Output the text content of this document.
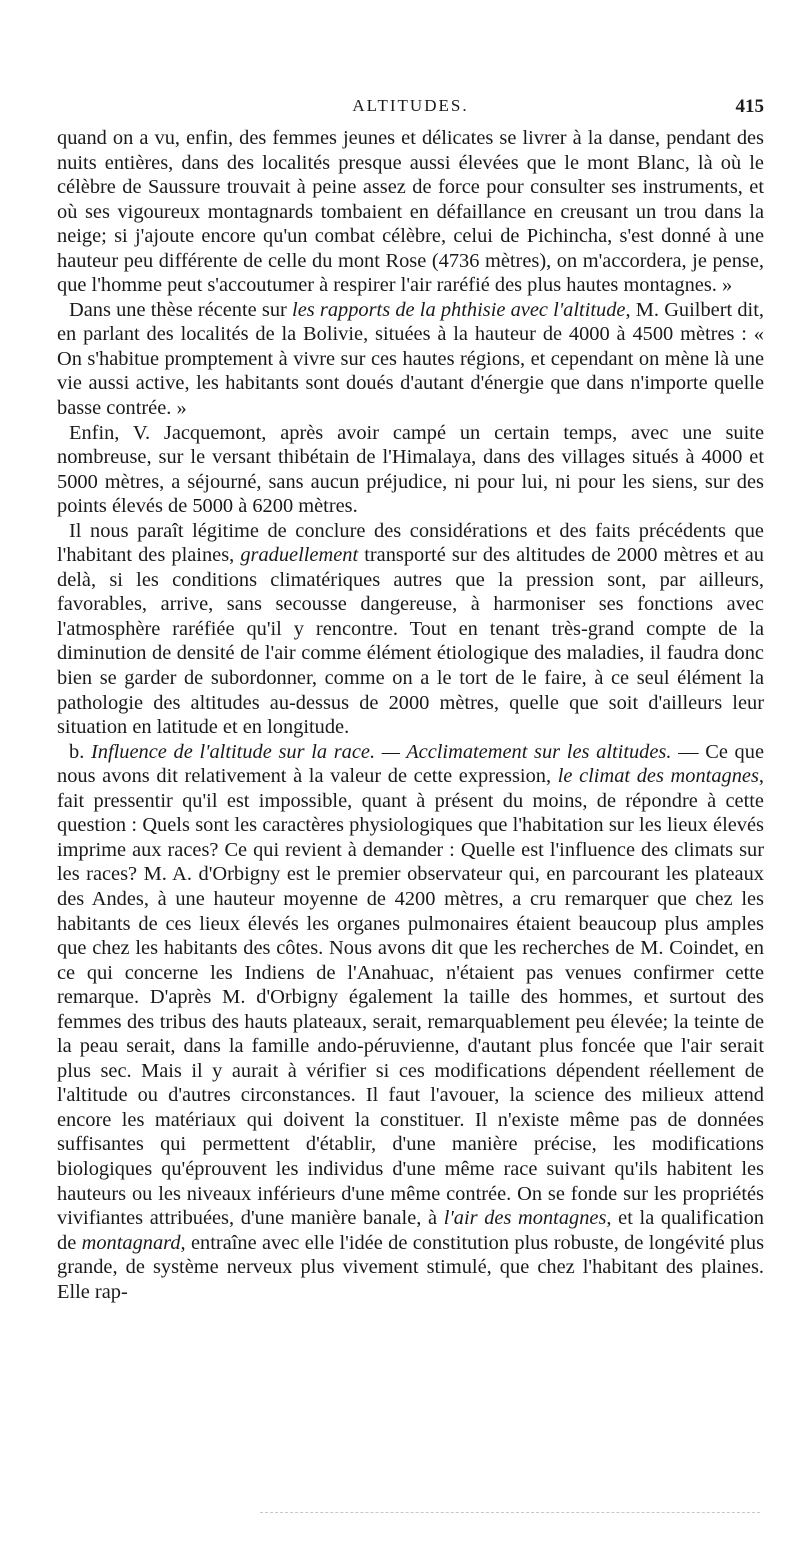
ALTITUDES.	415

quand on a vu, enfin, des femmes jeunes et délicates se livrer à la danse, pendant des nuits entières, dans des localités presque aussi élevées que le mont Blanc, là où le célèbre de Saussure trouvait à peine assez de force pour consulter ses instruments, et où ses vigoureux montagnards tombaient en défaillance en creusant un trou dans la neige; si j'ajoute encore qu'un combat célèbre, celui de Pichincha, s'est donné à une hauteur peu différente de celle du mont Rose (4736 mètres), on m'accordera, je pense, que l'homme peut s'accoutumer à respirer l'air raréfié des plus hautes montagnes. »

Dans une thèse récente sur les rapports de la phthisie avec l'altitude, M. Guilbert dit, en parlant des localités de la Bolivie, situées à la hauteur de 4000 à 4500 mètres : « On s'habitue promptement à vivre sur ces hautes régions, et cependant on mène là une vie aussi active, les habitants sont doués d'autant d'énergie que dans n'importe quelle basse contrée. »

Enfin, V. Jacquemont, après avoir campé un certain temps, avec une suite nombreuse, sur le versant thibétain de l'Himalaya, dans des villages situés à 4000 et 5000 mètres, a séjourné, sans aucun préjudice, ni pour lui, ni pour les siens, sur des points élevés de 5000 à 6200 mètres.

Il nous paraît légitime de conclure des considérations et des faits précédents que l'habitant des plaines, graduellement transporté sur des altitudes de 2000 mètres et au delà, si les conditions climatériques autres que la pression sont, par ailleurs, favorables, arrive, sans secousse dangereuse, à harmoniser ses fonctions avec l'atmosphère raréfiée qu'il y rencontre. Tout en tenant très-grand compte de la diminution de densité de l'air comme élément étiologique des maladies, il faudra donc bien se garder de subordonner, comme on a le tort de le faire, à ce seul élément la pathologie des altitudes au-dessus de 2000 mètres, quelle que soit d'ailleurs leur situation en latitude et en longitude.

b. Influence de l'altitude sur la race. — Acclimatement sur les altitudes. — Ce que nous avons dit relativement à la valeur de cette expression, le climat des montagnes, fait pressentir qu'il est impossible, quant à présent du moins, de répondre à cette question : Quels sont les caractères physiologiques que l'habitation sur les lieux élevés imprime aux races? Ce qui revient à demander : Quelle est l'influence des climats sur les races? M. A. d'Orbigny est le premier observateur qui, en parcourant les plateaux des Andes, à une hauteur moyenne de 4200 mètres, a cru remarquer que chez les habitants de ces lieux élevés les organes pulmonaires étaient beaucoup plus amples que chez les habitants des côtes. Nous avons dit que les recherches de M. Coindet, en ce qui concerne les Indiens de l'Anahuac, n'étaient pas venues confirmer cette remarque. D'après M. d'Orbigny également la taille des hommes, et surtout des femmes des tribus des hauts plateaux, serait, remarquablement peu élevée; la teinte de la peau serait, dans la famille ando-péruvienne, d'autant plus foncée que l'air serait plus sec. Mais il y aurait à vérifier si ces modifications dépendent réellement de l'altitude ou d'autres circonstances. Il faut l'avouer, la science des milieux attend encore les matériaux qui doivent la constituer. Il n'existe même pas de données suffisantes qui permettent d'établir, d'une manière précise, les modifications biologiques qu'éprouvent les individus d'une même race suivant qu'ils habitent les hauteurs ou les niveaux inférieurs d'une même contrée. On se fonde sur les propriétés vivifiantes attribuées, d'une manière banale, à l'air des montagnes, et la qualification de montagnard, entraîne avec elle l'idée de constitution plus robuste, de longévité plus grande, de système nerveux plus vivement stimulé, que chez l'habitant des plaines. Elle rap-
